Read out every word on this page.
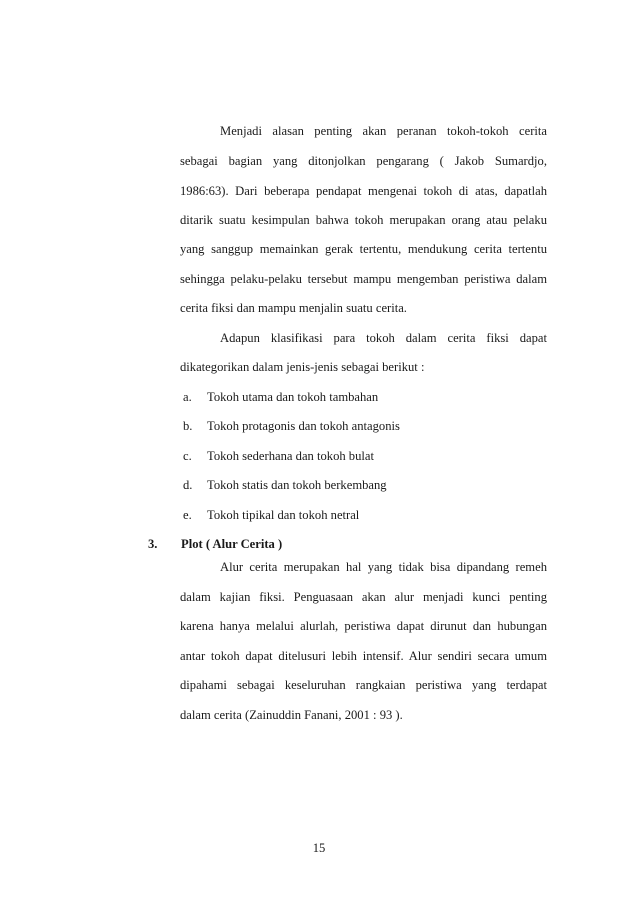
Menjadi alasan penting akan peranan tokoh-tokoh cerita
sebagai bagian yang ditonjolkan pengarang ( Jakob Sumardjo,
1986:63). Dari beberapa pendapat mengenai tokoh di atas, dapatlah
ditarik suatu kesimpulan bahwa tokoh merupakan orang atau pelaku
yang sanggup memainkan gerak tertentu, mendukung cerita tertentu
sehingga pelaku-pelaku tersebut mampu mengemban peristiwa dalam
cerita fiksi dan mampu menjalin suatu cerita.
Adapun klasifikasi para tokoh dalam cerita fiksi dapat
dikategorikan dalam jenis-jenis sebagai berikut :
a. Tokoh utama dan tokoh tambahan
b. Tokoh protagonis dan tokoh antagonis
c. Tokoh sederhana dan tokoh bulat
d. Tokoh statis dan tokoh berkembang
e. Tokoh tipikal dan tokoh netral
3. Plot ( Alur Cerita )
Alur cerita merupakan hal yang tidak bisa dipandang remeh
dalam kajian fiksi. Penguasaan akan alur menjadi kunci penting
karena hanya melalui alurlah, peristiwa dapat dirunut dan hubungan
antar tokoh dapat ditelusuri lebih intensif. Alur sendiri secara umum
dipahami sebagai keseluruhan rangkaian peristiwa yang terdapat
dalam cerita (Zainuddin Fanani, 2001 : 93 ).
15
